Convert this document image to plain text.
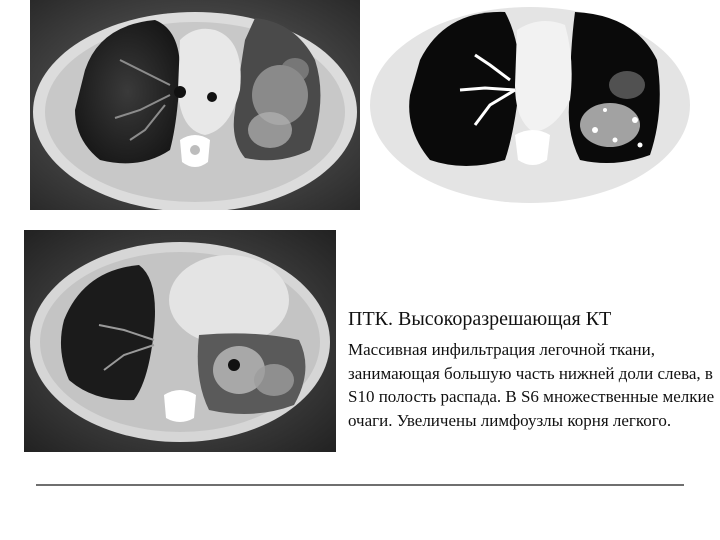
ПТК. Высокоразрешающая КТ

Массивная инфильтрация легочной ткани, занимающая большую часть нижней доли слева, в S10 полость распада. В S6 множественные мелкие очаги. Увеличены лимфоузлы корня легкого.
